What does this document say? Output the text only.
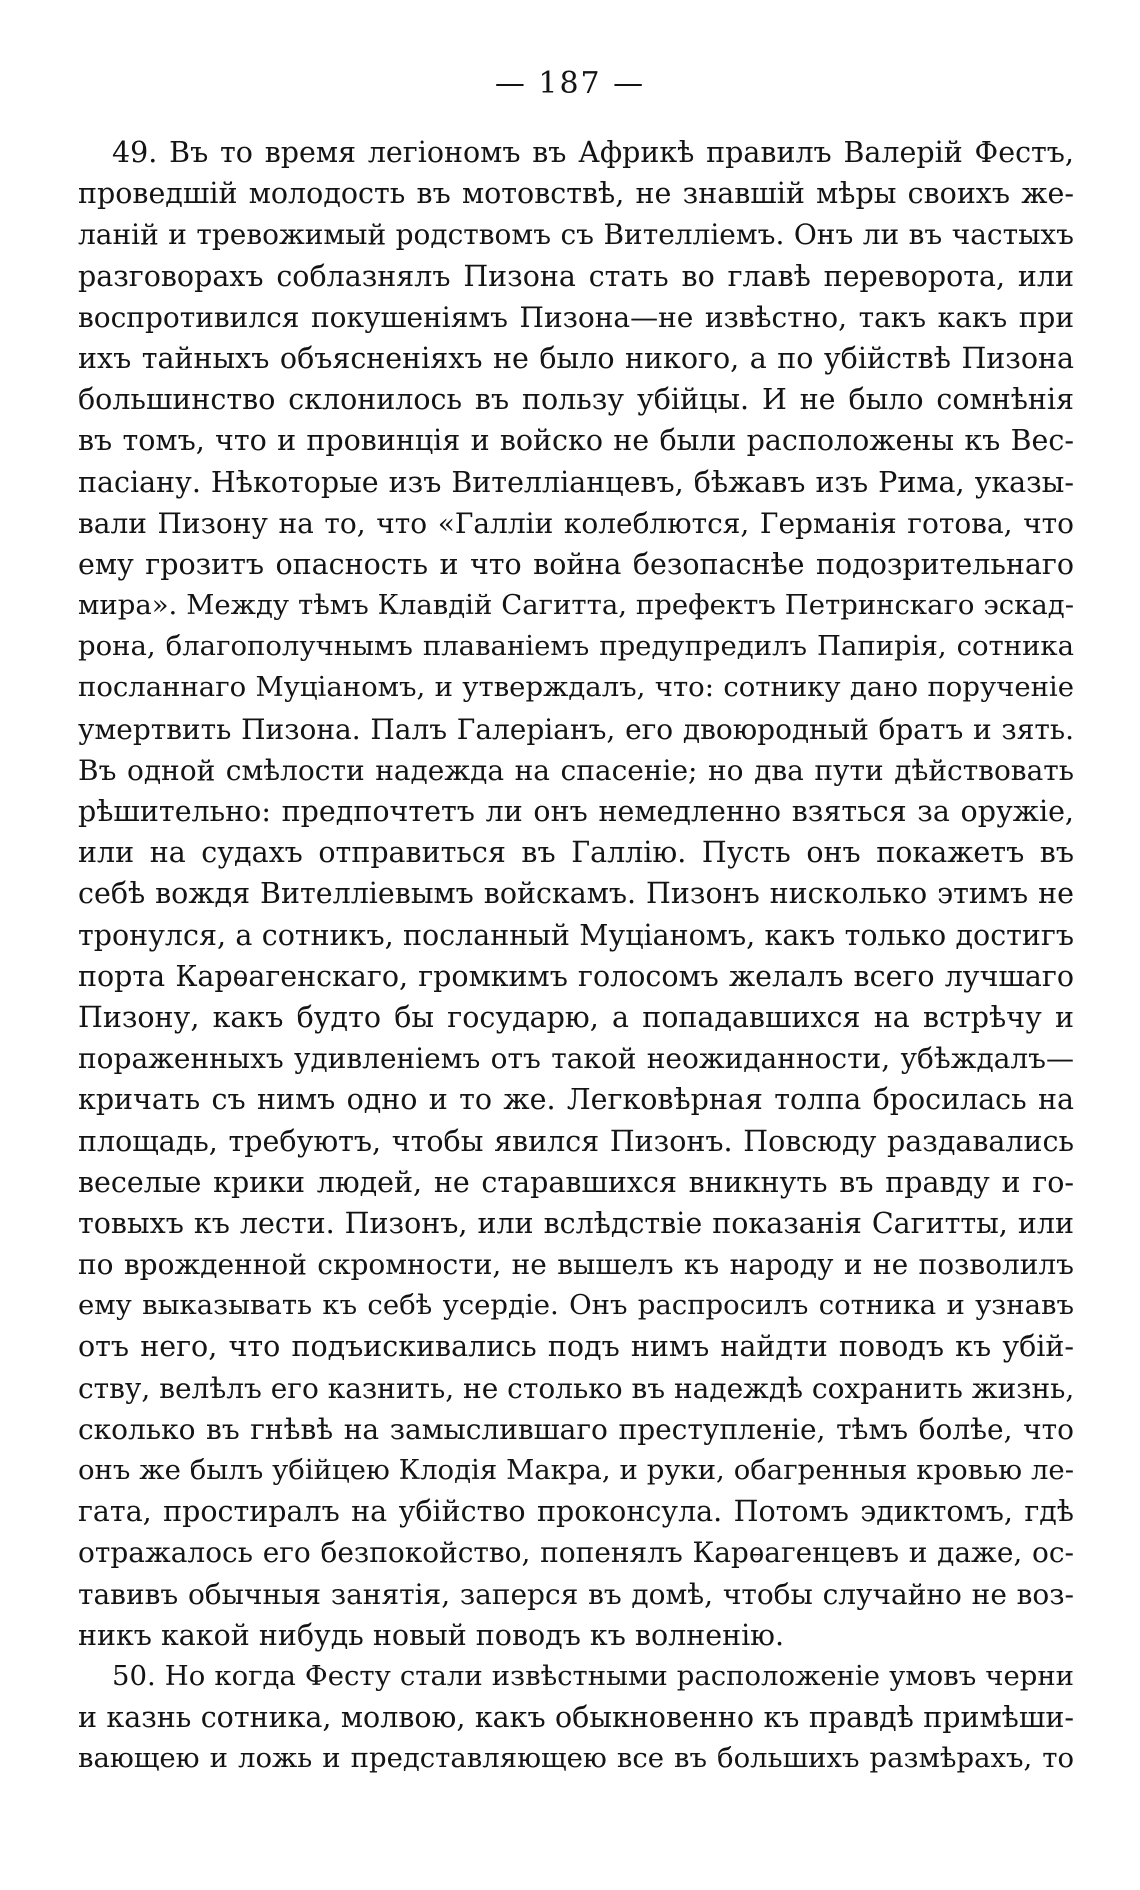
— 187 —
49. Въ то время легіономъ въ Африкѣ правилъ Валерій Фестъ,
проведшій молодость въ мотовствѣ, не знавшій мѣры своихъ же-
ланій и тревожимый родствомъ съ Вителліемъ. Онъ ли въ частыхъ
разговорахъ соблазнялъ Пизона стать во главѣ переворота, или
воспротивился покушеніямъ Пизона—не извѣстно, такъ какъ при
ихъ тайныхъ объясненіяхъ не было никого, а по убійствѣ Пизона
большинство склонилось въ пользу убійцы. И не было сомнѣнія
въ томъ, что и провинція и войско не были расположены къ Вес-
пасіану. Нѣкоторые изъ Вителліанцевъ, бѣжавъ изъ Рима, указы-
вали Пизону на то, что «Галліи колеблются, Германія готова, что
ему грозитъ опасность и что война безопаснѣе подозрительнаго
мира». Между тѣмъ Клавдій Сагитта, префектъ Петринскаго эскад-
рона, благополучнымъ плаваніемъ предупредилъ Папирія, сотника
посланнаго Муціаномъ, и утверждалъ, что: сотнику дано порученіе
умертвить Пизона. Палъ Галеріанъ, его двоюродный братъ и зять.
Въ одной смѣлости надежда на спасеніе; но два пути дѣйствовать
рѣшительно: предпочтетъ ли онъ немедленно взяться за оружіе,
или на судахъ отправиться въ Галлію. Пусть онъ покажетъ въ
себѣ вождя Вителліевымъ войскамъ. Пизонъ нисколько этимъ не
тронулся, а сотникъ, посланный Муціаномъ, какъ только достигъ
порта Карѳагенскаго, громкимъ голосомъ желалъ всего лучшаго
Пизону, какъ будто бы государю, а попадавшихся на встрѣчу и
пораженныхъ удивленіемъ отъ такой неожиданности, убѣждалъ—
кричать съ нимъ одно и то же. Легковѣрная толпа бросилась на
площадь, требуютъ, чтобы явился Пизонъ. Повсюду раздавались
веселые крики людей, не старавшихся вникнуть въ правду и го-
товыхъ къ лести. Пизонъ, или вслѣдствіе показанія Сагитты, или
по врожденной скромности, не вышелъ къ народу и не позволилъ
ему выказывать къ себѣ усердіе. Онъ распросилъ сотника и узнавъ
отъ него, что подъискивались подъ нимъ найдти поводъ къ убій-
ству, велѣлъ его казнить, не столько въ надеждѣ сохранить жизнь,
сколько въ гнѣвѣ на замыслившаго преступленіе, тѣмъ болѣе, что
онъ же былъ убійцею Клодія Макра, и руки, обагренныя кровью ле-
гата, простиралъ на убійство проконсула. Потомъ эдиктомъ, гдѣ
отражалось его безпокойство, попенялъ Карѳагенцевъ и даже, ос-
тавивъ обычныя занятія, заперся въ домѣ, чтобы случайно не воз-
никъ какой нибудь новый поводъ къ волненію.
50. Но когда Фесту стали извѣстными расположеніе умовъ черни
и казнь сотника, молвою, какъ обыкновенно къ правдѣ примѣши-
вающею и ложь и представляющею все въ большихъ размѣрахъ, то
